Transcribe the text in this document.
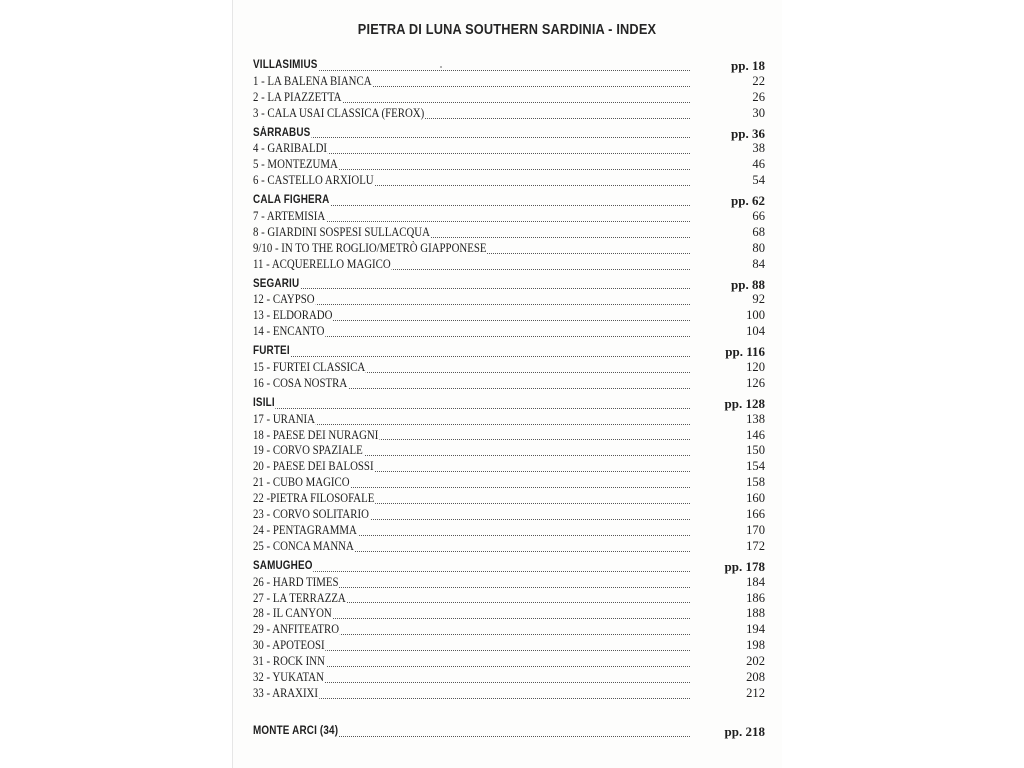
PIETRA DI LUNA SOUTHERN SARDINIA - INDEX
VILLASIMIUS	pp. 18
1 - LA BALENA BIANCA	22
2 - LA PIAZZETTA	26
3 - CALA USAI CLASSICA (FEROX)	30
SÀRRABUS	pp. 36
4 - GARIBALDI	38
5 - MONTEZUMA	46
6 - CASTELLO ARXIOLU	54
CALA FIGHERA	pp. 62
7 - ARTEMISIA	66
8 - GIARDINI SOSPESI SULLACQUA	68
9/10 - IN TO THE ROGLIO/METRÒ GIAPPONESE	80
11 - ACQUERELLO MAGICO	84
SEGARIU	pp. 88
12 - CAYPSO	92
13 - ELDORADO	100
14 - ENCANTO	104
FURTEI	pp. 116
15 - FURTEI CLASSICA	120
16 - COSA NOSTRA	126
ISILI	pp. 128
17 - URANIA	138
18 - PAESE DEI NURAGNI	146
19 - CORVO SPAZIALE	150
20 - PAESE DEI BALOSSI	154
21 - CUBO MAGICO	158
22 -PIETRA FILOSOFALE	160
23 - CORVO SOLITARIO	166
24 - PENTAGRAMMA	170
25 - CONCA MANNA	172
SAMUGHEO	pp. 178
26 - HARD TIMES	184
27 - LA TERRAZZA	186
28 - IL CANYON	188
29 - ANFITEATRO	194
30 - APOTEOSI	198
31 - ROCK INN	202
32 - YUKATAN	208
33 - ARAXIXI	212
MONTE ARCI (34)	pp. 218
